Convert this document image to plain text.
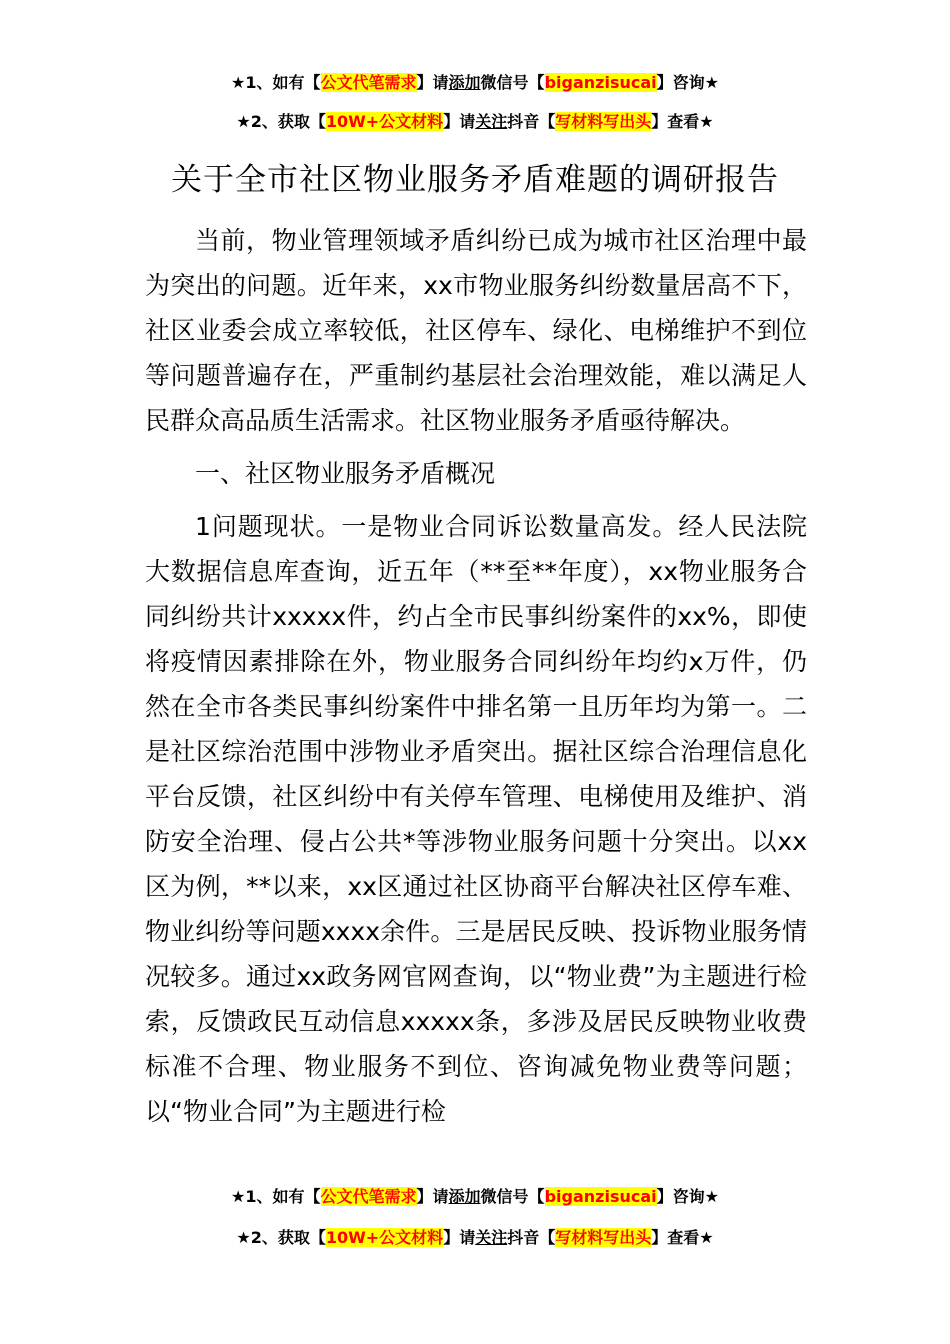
★1、如有【公文代笔需求】请添加微信号【biganzisucai】咨询★
★2、获取【10W+公文材料】请关注抖音【写材料写出头】查看★
关于全市社区物业服务矛盾难题的调研报告

当前，物业管理领域矛盾纠纷已成为城市社区治理中最为突出的问题。近年来，xx市物业服务纠纷数量居高不下，社区业委会成立率较低，社区停车、绿化、电梯维护不到位等问题普遍存在，严重制约基层社会治理效能，难以满足人民群众高品质生活需求。社区物业服务矛盾亟待解决。

一、社区物业服务矛盾概况

1问题现状。一是物业合同诉讼数量高发。经人民法院大数据信息库查询，近五年（**至**年度），xx物业服务合同纠纷共计xxxxx件，约占全市民事纠纷案件的xx%，即使将疫情因素排除在外，物业服务合同纠纷年均约x万件，仍然在全市各类民事纠纷案件中排名第一且历年均为第一。二是社区综治范围中涉物业矛盾突出。据社区综合治理信息化平台反馈，社区纠纷中有关停车管理、电梯使用及维护、消防安全治理、侵占公共*等涉物业服务问题十分突出。以xx区为例，**以来，xx区通过社区协商平台解决社区停车难、物业纠纷等问题xxxx余件。三是居民反映、投诉物业服务情况较多。通过xx政务网官网查询，以“物业费”为主题进行检索，反馈政民互动信息xxxxx条，多涉及居民反映物业收费标准不合理、物业服务不到位、咨询减免物业费等问题；以“物业合同”为主题进行检

★1、如有【公文代笔需求】请添加微信号【biganzisucai】咨询★
★2、获取【10W+公文材料】请关注抖音【写材料写出头】查看★
